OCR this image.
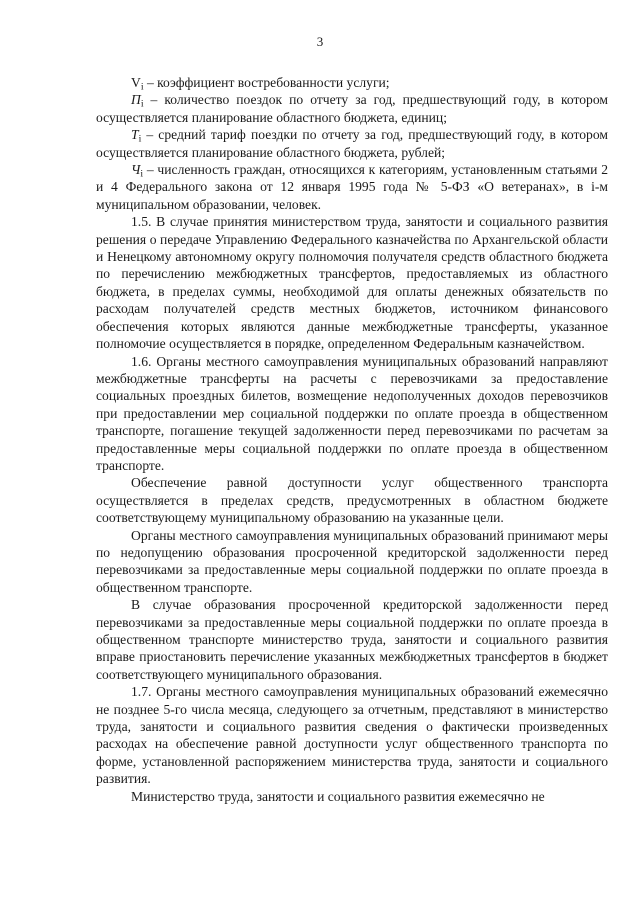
3

$V_i$ – коэффициент востребованности услуги;

$П_i$ – количество поездок по отчету за год, предшествующий году, в котором осуществляется планирование областного бюджета, единиц;

$T_i$ – средний тариф поездки по отчету за год, предшествующий году, в котором осуществляется планирование областного бюджета, рублей;

$Ч_i$ – численность граждан, относящихся к категориям, установленным статьями 2 и 4 Федерального закона от 12 января 1995 года № 5-ФЗ «О ветеранах», в i-м муниципальном образовании, человек.

1.5. В случае принятия министерством труда, занятости и социального развития решения о передаче Управлению Федерального казначейства по Архангельской области и Ненецкому автономному округу полномочия получателя средств областного бюджета по перечислению межбюджетных трансфертов, предоставляемых из областного бюджета, в пределах суммы, необходимой для оплаты денежных обязательств по расходам получателей средств местных бюджетов, источником финансового обеспечения которых являются данные межбюджетные трансферты, указанное полномочие осуществляется в порядке, определенном Федеральным казначейством.

1.6. Органы местного самоуправления муниципальных образований направляют межбюджетные трансферты на расчеты с перевозчиками за предоставление социальных проездных билетов, возмещение недополученных доходов перевозчиков при предоставлении мер социальной поддержки по оплате проезда в общественном транспорте, погашение текущей задолженности перед перевозчиками по расчетам за предоставленные меры социальной поддержки по оплате проезда в общественном транспорте.

Обеспечение равной доступности услуг общественного транспорта осуществляется в пределах средств, предусмотренных в областном бюджете соответствующему муниципальному образованию на указанные цели.

Органы местного самоуправления муниципальных образований принимают меры по недопущению образования просроченной кредиторской задолженности перед перевозчиками за предоставленные меры социальной поддержки по оплате проезда в общественном транспорте.

В случае образования просроченной кредиторской задолженности перед перевозчиками за предоставленные меры социальной поддержки по оплате проезда в общественном транспорте министерство труда, занятости и социального развития вправе приостановить перечисление указанных межбюджетных трансфертов в бюджет соответствующего муниципального образования.

1.7. Органы местного самоуправления муниципальных образований ежемесячно не позднее 5-го числа месяца, следующего за отчетным, представляют в министерство труда, занятости и социального развития сведения о фактически произведенных расходах на обеспечение равной доступности услуг общественного транспорта по форме, установленной распоряжением министерства труда, занятости и социального развития.

Министерство труда, занятости и социального развития ежемесячно не
